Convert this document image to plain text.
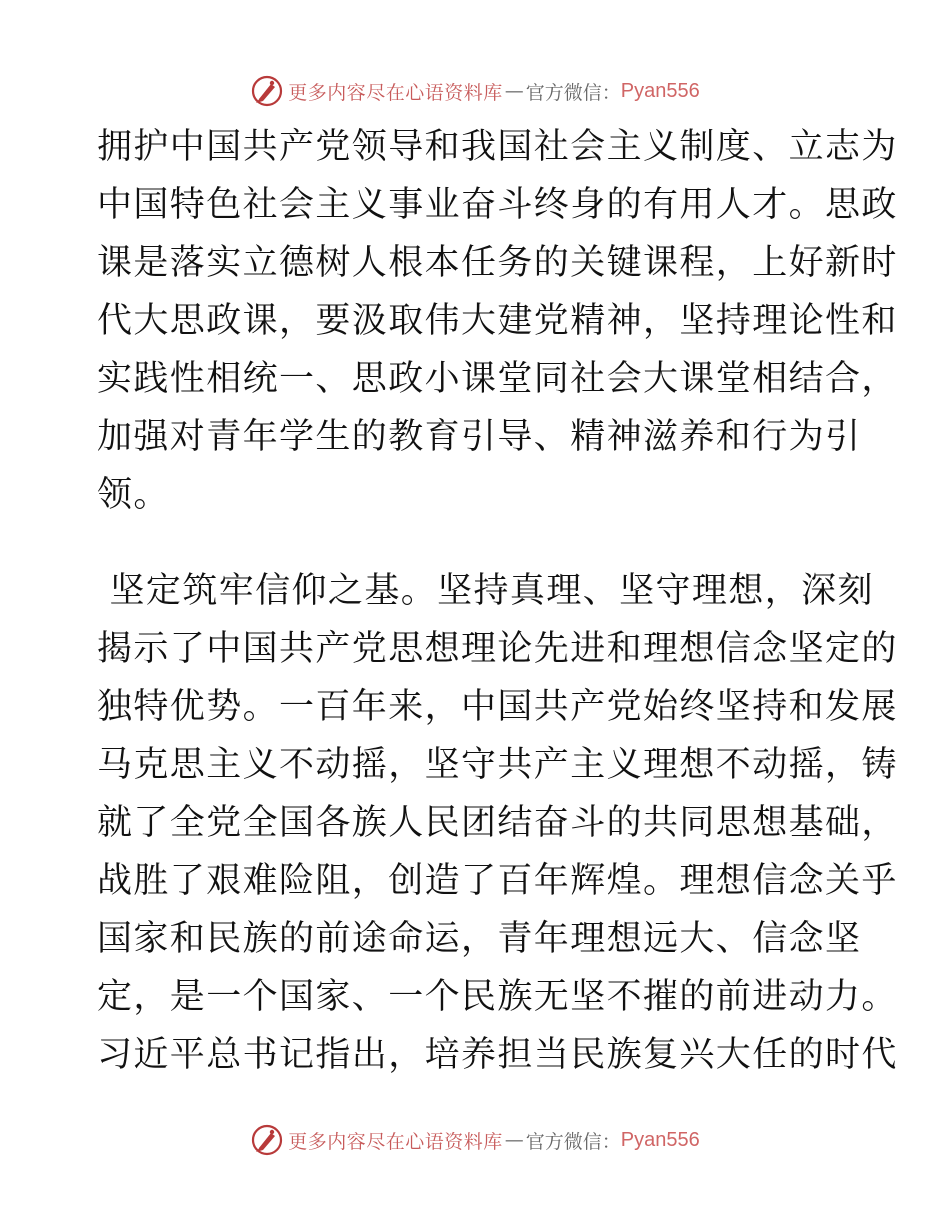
更多内容尽在心语资料库 — 官方微信： Pyan556
拥护中国共产党领导和我国社会主义制度、立志为
中国特色社会主义事业奋斗终身的有用人才。思政
课是落实立德树人根本任务的关键课程，上好新时
代大思政课，要汲取伟大建党精神，坚持理论性和
实践性相统一、思政小课堂同社会大课堂相结合，
加强对青年学生的教育引导、精神滋养和行为引
领。
坚定筑牢信仰之基。坚持真理、坚守理想，深刻
揭示了中国共产党思想理论先进和理想信念坚定的
独特优势。一百年来，中国共产党始终坚持和发展
马克思主义不动摇，坚守共产主义理想不动摇，铸
就了全党全国各族人民团结奋斗的共同思想基础，
战胜了艰难险阻，创造了百年辉煌。理想信念关乎
国家和民族的前途命运，青年理想远大、信念坚
定，是一个国家、一个民族无坚不摧的前进动力。
习近平总书记指出，培养担当民族复兴大任的时代
更多内容尽在心语资料库 — 官方微信： Pyan556
